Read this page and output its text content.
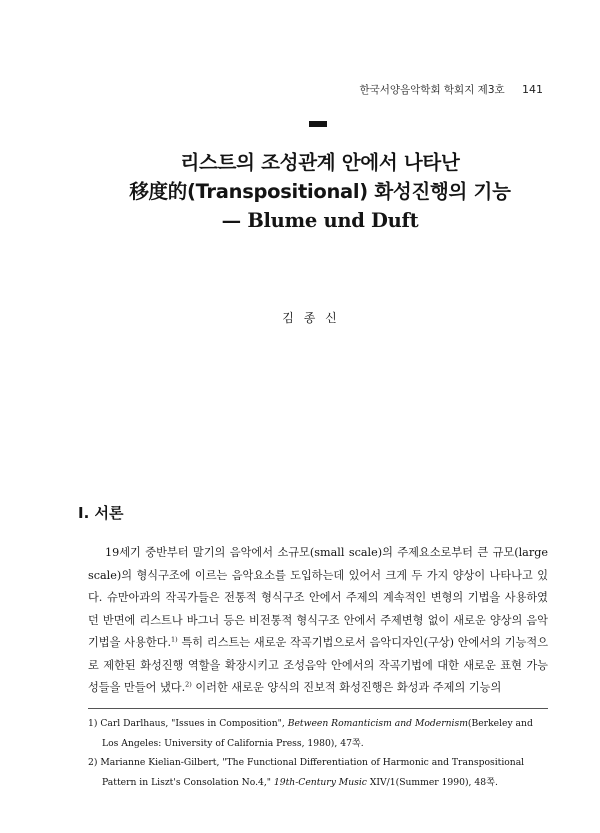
한국서양음악학회 학회지 제3호 141
리스트의 조성관계 안에서 나타난
移度的(Transpositional) 화성진행의 기능
— Blume und Duft
김 종 신
I. 서론
19세기 중반부터 말기의 음악에서 소규모(small scale)의 주제요소로부터 큰 규모(large scale)의 형식구조에 이르는 음악요소를 도입하는데 있어서 크게 두 가지 양상이 나타나고 있다. 슈만아과의 작곡가들은 전통적 형식구조 안에서 주제의 계속적인 변형의 기법을 사용하였던 반면에 리스트나 바그너 등은 비전통적 형식구조 안에서 주제변형 없이 새로운 양상의 음악기법을 사용한다.$^{1)}$ 특히 리스트는 새로운 작곡기법으로서 음악디자인(구상) 안에서의 기능적으로 제한된 화성진행 역할을 확장시키고 조성음악 안에서의 작곡기법에 대한 새로운 표현 가능성들을 만들어 냈다.$^{2)}$ 이러한 새로운 양식의 진보적 화성진행은 화성과 주제의 기능의

1) Carl Darlhaus, "Issues in Composition", Between Romanticism and Modernism(Berkeley and Los Angeles: University of California Press, 1980), 47쪽.

2) Marianne Kielian-Gilbert, "The Functional Differentiation of Harmonic and Transpositional Pattern in Liszt's Consolation No.4," 19th-Century Music XIV/1(Summer 1990), 48쪽.
